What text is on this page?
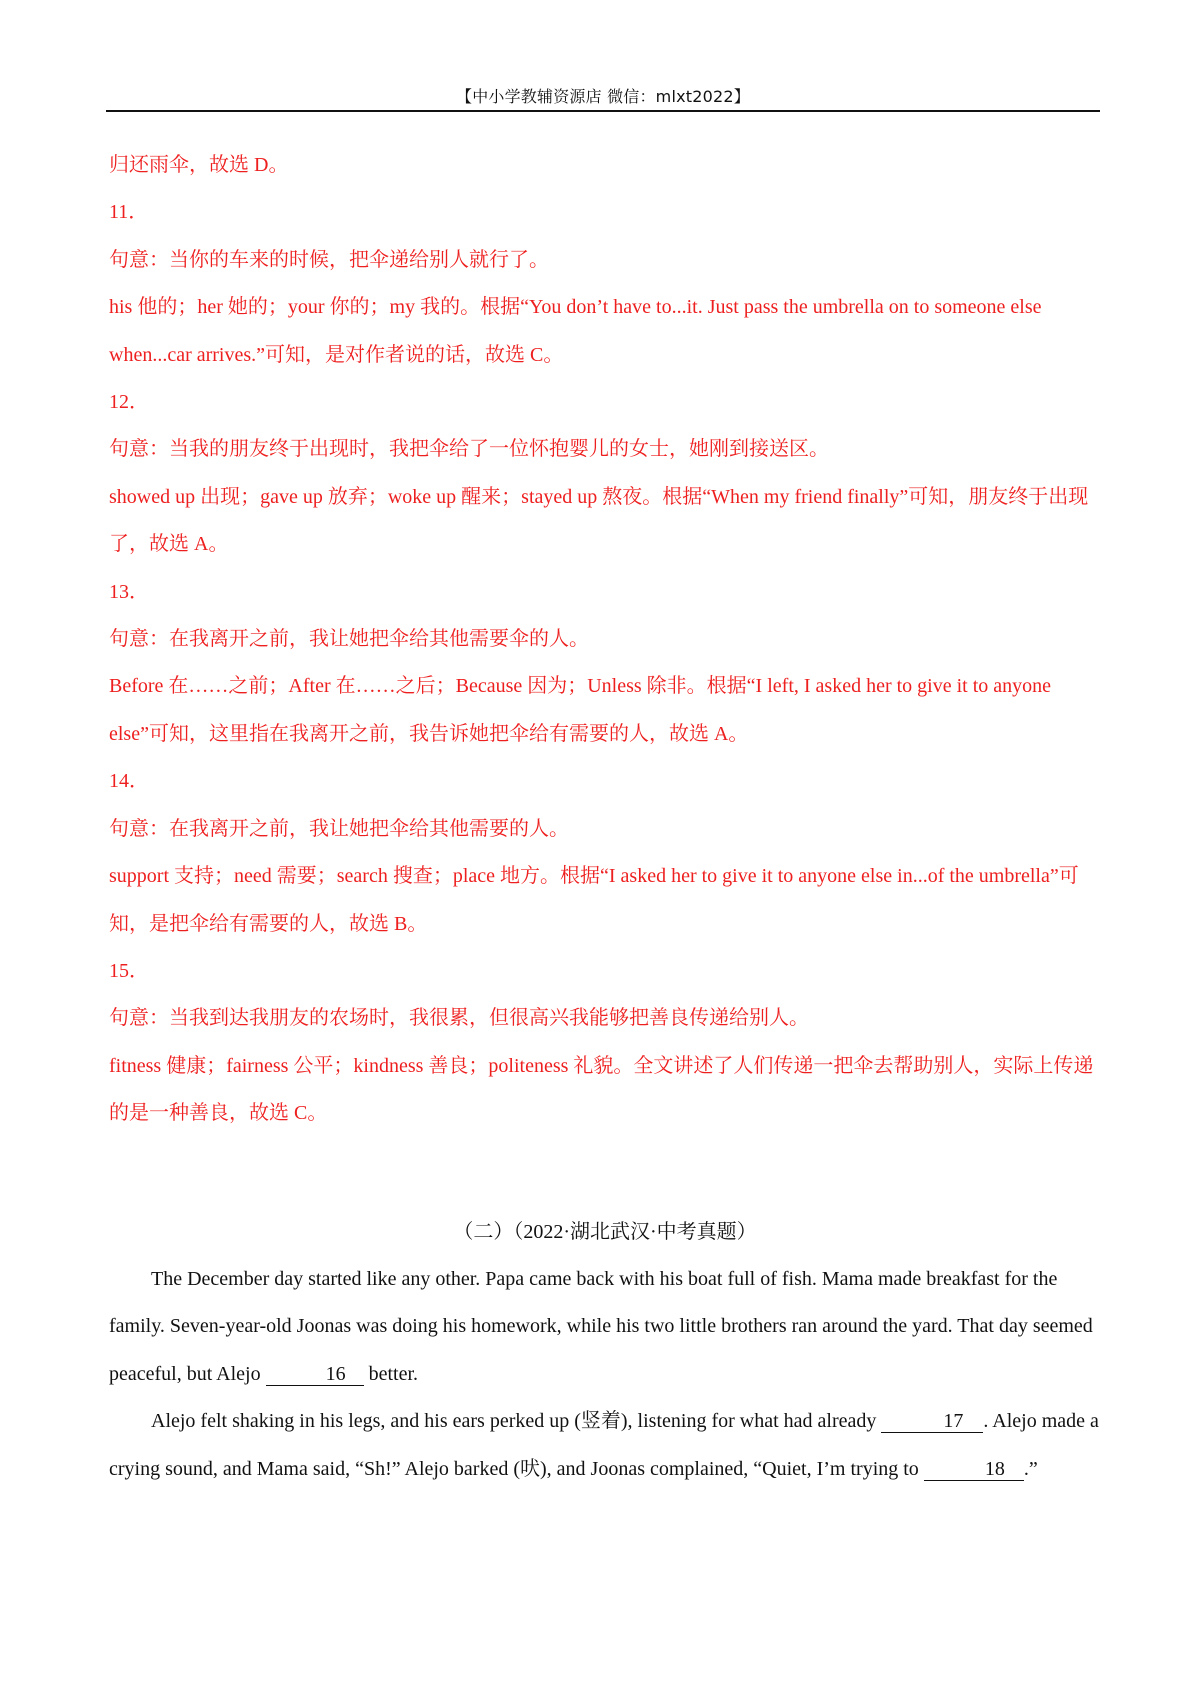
【中小学教辅资源店 微信：mlxt2022】

归还雨伞，故选 D。

11．

句意：当你的车来的时候，把伞递给别人就行了。

his 他的；her 她的；your 你的；my 我的。根据“You don’t have to...it. Just pass the umbrella on to someone else when...car arrives.”可知，是对作者说的话，故选 C。

12．

句意：当我的朋友终于出现时，我把伞给了一位怀抱婴儿的女士，她刚到接送区。

showed up 出现；gave up 放弃；woke up 醒来；stayed up 熬夜。根据“When my friend finally”可知，朋友终于出现了，故选 A。

13．

句意：在我离开之前，我让她把伞给其他需要伞的人。

Before 在……之前；After 在……之后；Because 因为；Unless 除非。根据“I left, I asked her to give it to anyone else”可知，这里指在我离开之前，我告诉她把伞给有需要的人，故选 A。

14．

句意：在我离开之前，我让她把伞给其他需要的人。

support 支持；need 需要；search 搜查；place 地方。根据“I asked her to give it to anyone else in...of the umbrella”可知，是把伞给有需要的人，故选 B。

15．

句意：当我到达我朋友的农场时，我很累，但很高兴我能够把善良传递给别人。

fitness 健康；fairness 公平；kindness 善良；politeness 礼貌。全文讲述了人们传递一把伞去帮助别人，实际上传递的是一种善良，故选 C。

（二）（2022·湖北武汉·中考真题）

The December day started like any other. Papa came back with his boat full of fish. Mama made breakfast for the family. Seven-year-old Joonas was doing his homework, while his two little brothers ran around the yard. That day seemed peaceful, but Alejo	16 better.

Alejo felt shaking in his legs, and his ears perked up (竖着), listening for what had already	17 . Alejo made a crying sound, and Mama said, “Sh!” Alejo barked (吠), and Joonas complained, “Quiet, I’m trying to	18 .”
